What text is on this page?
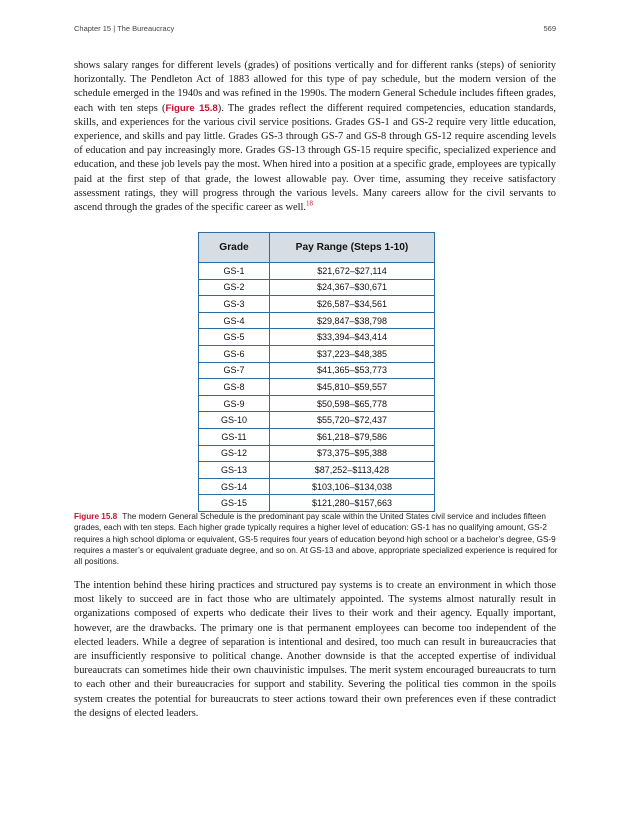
Chapter 15 | The Bureaucracy	569

shows salary ranges for different levels (grades) of positions vertically and for different ranks (steps) of seniority horizontally. The Pendleton Act of 1883 allowed for this type of pay schedule, but the modern version of the schedule emerged in the 1940s and was refined in the 1990s. The modern General Schedule includes fifteen grades, each with ten steps (Figure 15.8). The grades reflect the different required competencies, education standards, skills, and experiences for the various civil service positions. Grades GS-1 and GS-2 require very little education, experience, and skills and pay little. Grades GS-3 through GS-7 and GS-8 through GS-12 require ascending levels of education and pay increasingly more. Grades GS-13 through GS-15 require specific, specialized experience and education, and these job levels pay the most. When hired into a position at a specific grade, employees are typically paid at the first step of that grade, the lowest allowable pay. Over time, assuming they receive satisfactory assessment ratings, they will progress through the various levels. Many careers allow for the civil servants to ascend through the grades of the specific career as well.$^{18}$

Grade	Pay Range (Steps 1-10)
GS-1	$21,672–$27,114
GS-2	$24,367–$30,671
GS-3	$26,587–$34,561
GS-4	$29,847–$38,798
GS-5	$33,394–$43,414
GS-6	$37,223–$48,385
GS-7	$41,365–$53,773
GS-8	$45,810–$59,557
GS-9	$50,598–$65,778
GS-10	$55,720–$72,437
GS-11	$61,218–$79,586
GS-12	$73,375–$95,388
GS-13	$87,252–$113,428
GS-14	$103,106–$134,038
GS-15	$121,280–$157,663

Figure 15.8 The modern General Schedule is the predominant pay scale within the United States civil service and includes fifteen grades, each with ten steps. Each higher grade typically requires a higher level of education: GS-1 has no qualifying amount, GS-2 requires a high school diploma or equivalent, GS-5 requires four years of education beyond high school or a bachelor’s degree, GS-9 requires a master’s or equivalent graduate degree, and so on. At GS-13 and above, appropriate specialized experience is required for all positions.

The intention behind these hiring practices and structured pay systems is to create an environment in which those most likely to succeed are in fact those who are ultimately appointed. The systems almost naturally result in organizations composed of experts who dedicate their lives to their work and their agency. Equally important, however, are the drawbacks. The primary one is that permanent employees can become too independent of the elected leaders. While a degree of separation is intentional and desired, too much can result in bureaucracies that are insufficiently responsive to political change. Another downside is that the accepted expertise of individual bureaucrats can sometimes hide their own chauvinistic impulses. The merit system encouraged bureaucrats to turn to each other and their bureaucracies for support and stability. Severing the political ties common in the spoils system creates the potential for bureaucrats to steer actions toward their own preferences even if these contradict the designs of elected leaders.
